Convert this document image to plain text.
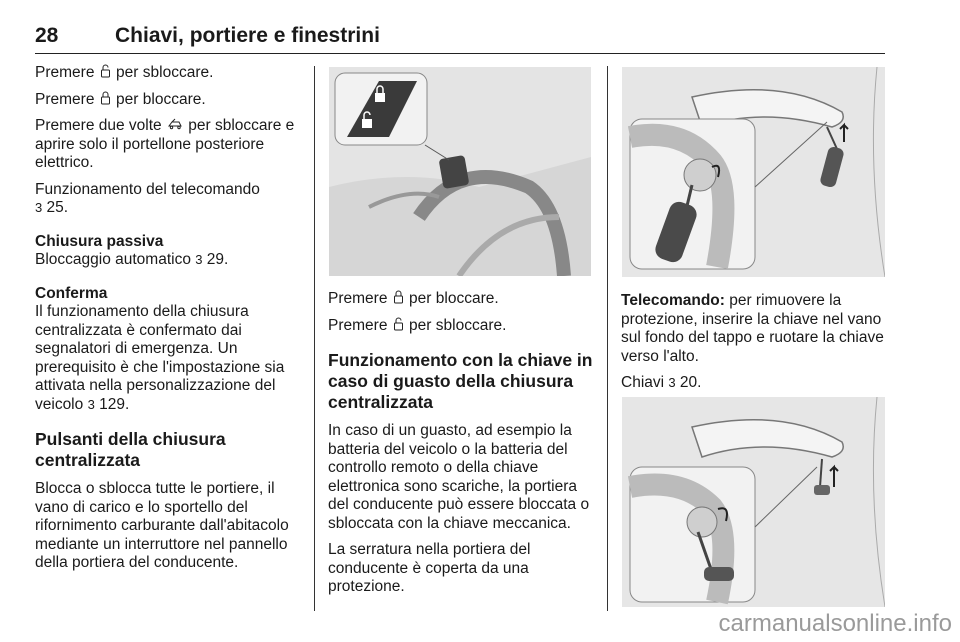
28	Chiavi, portiere e finestrini
Premere  per sbloccare.
Premere  per bloccare.
Premere due volte  per sbloccare e aprire solo il portellone posteriore elettrico.
Funzionamento del telecomando
3 25.
Chiusura passiva
Bloccaggio automatico 3 29.
Conferma
Il funzionamento della chiusura centralizzata è confermato dai segnalatori di emergenza. Un prerequisito è che l'impostazione sia attivata nella personalizzazione del veicolo 3 129.
Pulsanti della chiusura centralizzata
Blocca o sblocca tutte le portiere, il vano di carico e lo sportello del rifornimento carburante dall'abitacolo mediante un interruttore nel pannello della portiera del conducente.
Premere  per bloccare.
Premere  per sbloccare.
Funzionamento con la chiave in caso di guasto della chiusura centralizzata
In caso di un guasto, ad esempio la batteria del veicolo o la batteria del controllo remoto o della chiave elettronica sono scariche, la portiera del conducente può essere bloccata o sbloccata con la chiave meccanica.
La serratura nella portiera del conducente è coperta da una protezione.
Telecomando: per rimuovere la protezione, inserire la chiave nel vano sul fondo del tappo e ruotare la chiave verso l'alto.
Chiavi 3 20.
carmanualsonline.info
